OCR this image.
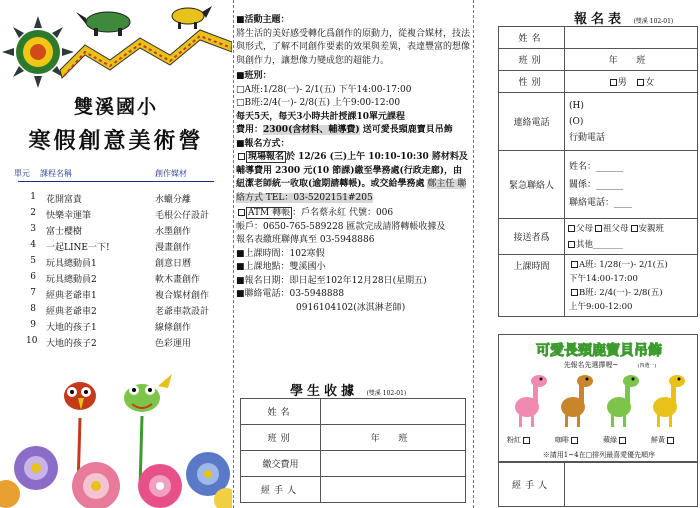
雙溪國小
寒假創意美術營
單元 課程名稱	創作媒材
1 花開富貴	水蠟分離
2 快樂幸運筆	毛根公仔設計
3 富士櫻樹	水墨創作
4 一起LINE一下!	漫畫創作
5 玩具總動員1	創意日曆
6 玩具總動員2	軟木畫創作
7 經典老爺車1	複合媒材創作
8 經典老爺車2	老爺車款設計
9 大地的孩子1	線條創作
10 大地的孩子2	色彩運用
■活動主題：
將生活的美好感受轉化爲創作的原動力，從複合媒材，技法與形式，了解不同創作要素的效果與差異，表達豐富的想像與創作力，讓想像力變成您的超能力。
■班別：
□A班:1/28(一)- 2/1(五) 下午14:00-17:00
□B班:2/4(一)- 2/8(五) 上午9:00-12:00
每天5天，每天3小時共計授課10單元課程
費用：2300(含材料、輔導費) 送可愛長頸鹿寶貝吊飾
■報名方式：
現場報名 於 12/26 (三)上午 10:10-10:30 將材料及輔導費用 2300 元(10 節課)繳至學務處(行政走廊)，由紐潔老師統一收取(逾期請轉帳)。或交給學務處 鄭主任 聯絡方式 TEL：03-5202151#205
ATM 轉帳 ：戶名蔡永紅 代號：006
帳戶：0650-765-589228 匯款完成請將轉帳收據及
報名表繳班聯傳真至 03-5948886
■上課時間：102寒假
■上課地點：雙溪國小
■報名日期：即日起至102年12月28日(星期五)
■聯絡電話：03-5948888
0916104102(冰淇淋老師)
學生收據 (雙溪 102-01)
姓名	
班別	年 班
繳交費用	
經手人	
報名表 (雙溪 102-01)
姓名	
班別	年 班
性別	男 女
連絡電話	(H)
(O)
行動電話

緊急聯絡人	姓名：______
關係：______
聯絡電話：____

接送者爲	父母 祖父母 安親班
其他_______

上課時間	A班: 1/28(一)- 2/1(五)
下午14:00-17:00
B班: 2/4(一)- 2/8(五)
上午9:00-12:00
可愛長頸鹿寶貝吊飾
先報名先選擇喔~	(四選一)
粉紅	咖啡	蘋綠	鮮黃
※請用1~4在□排列最喜愛優先順序
經手人	
